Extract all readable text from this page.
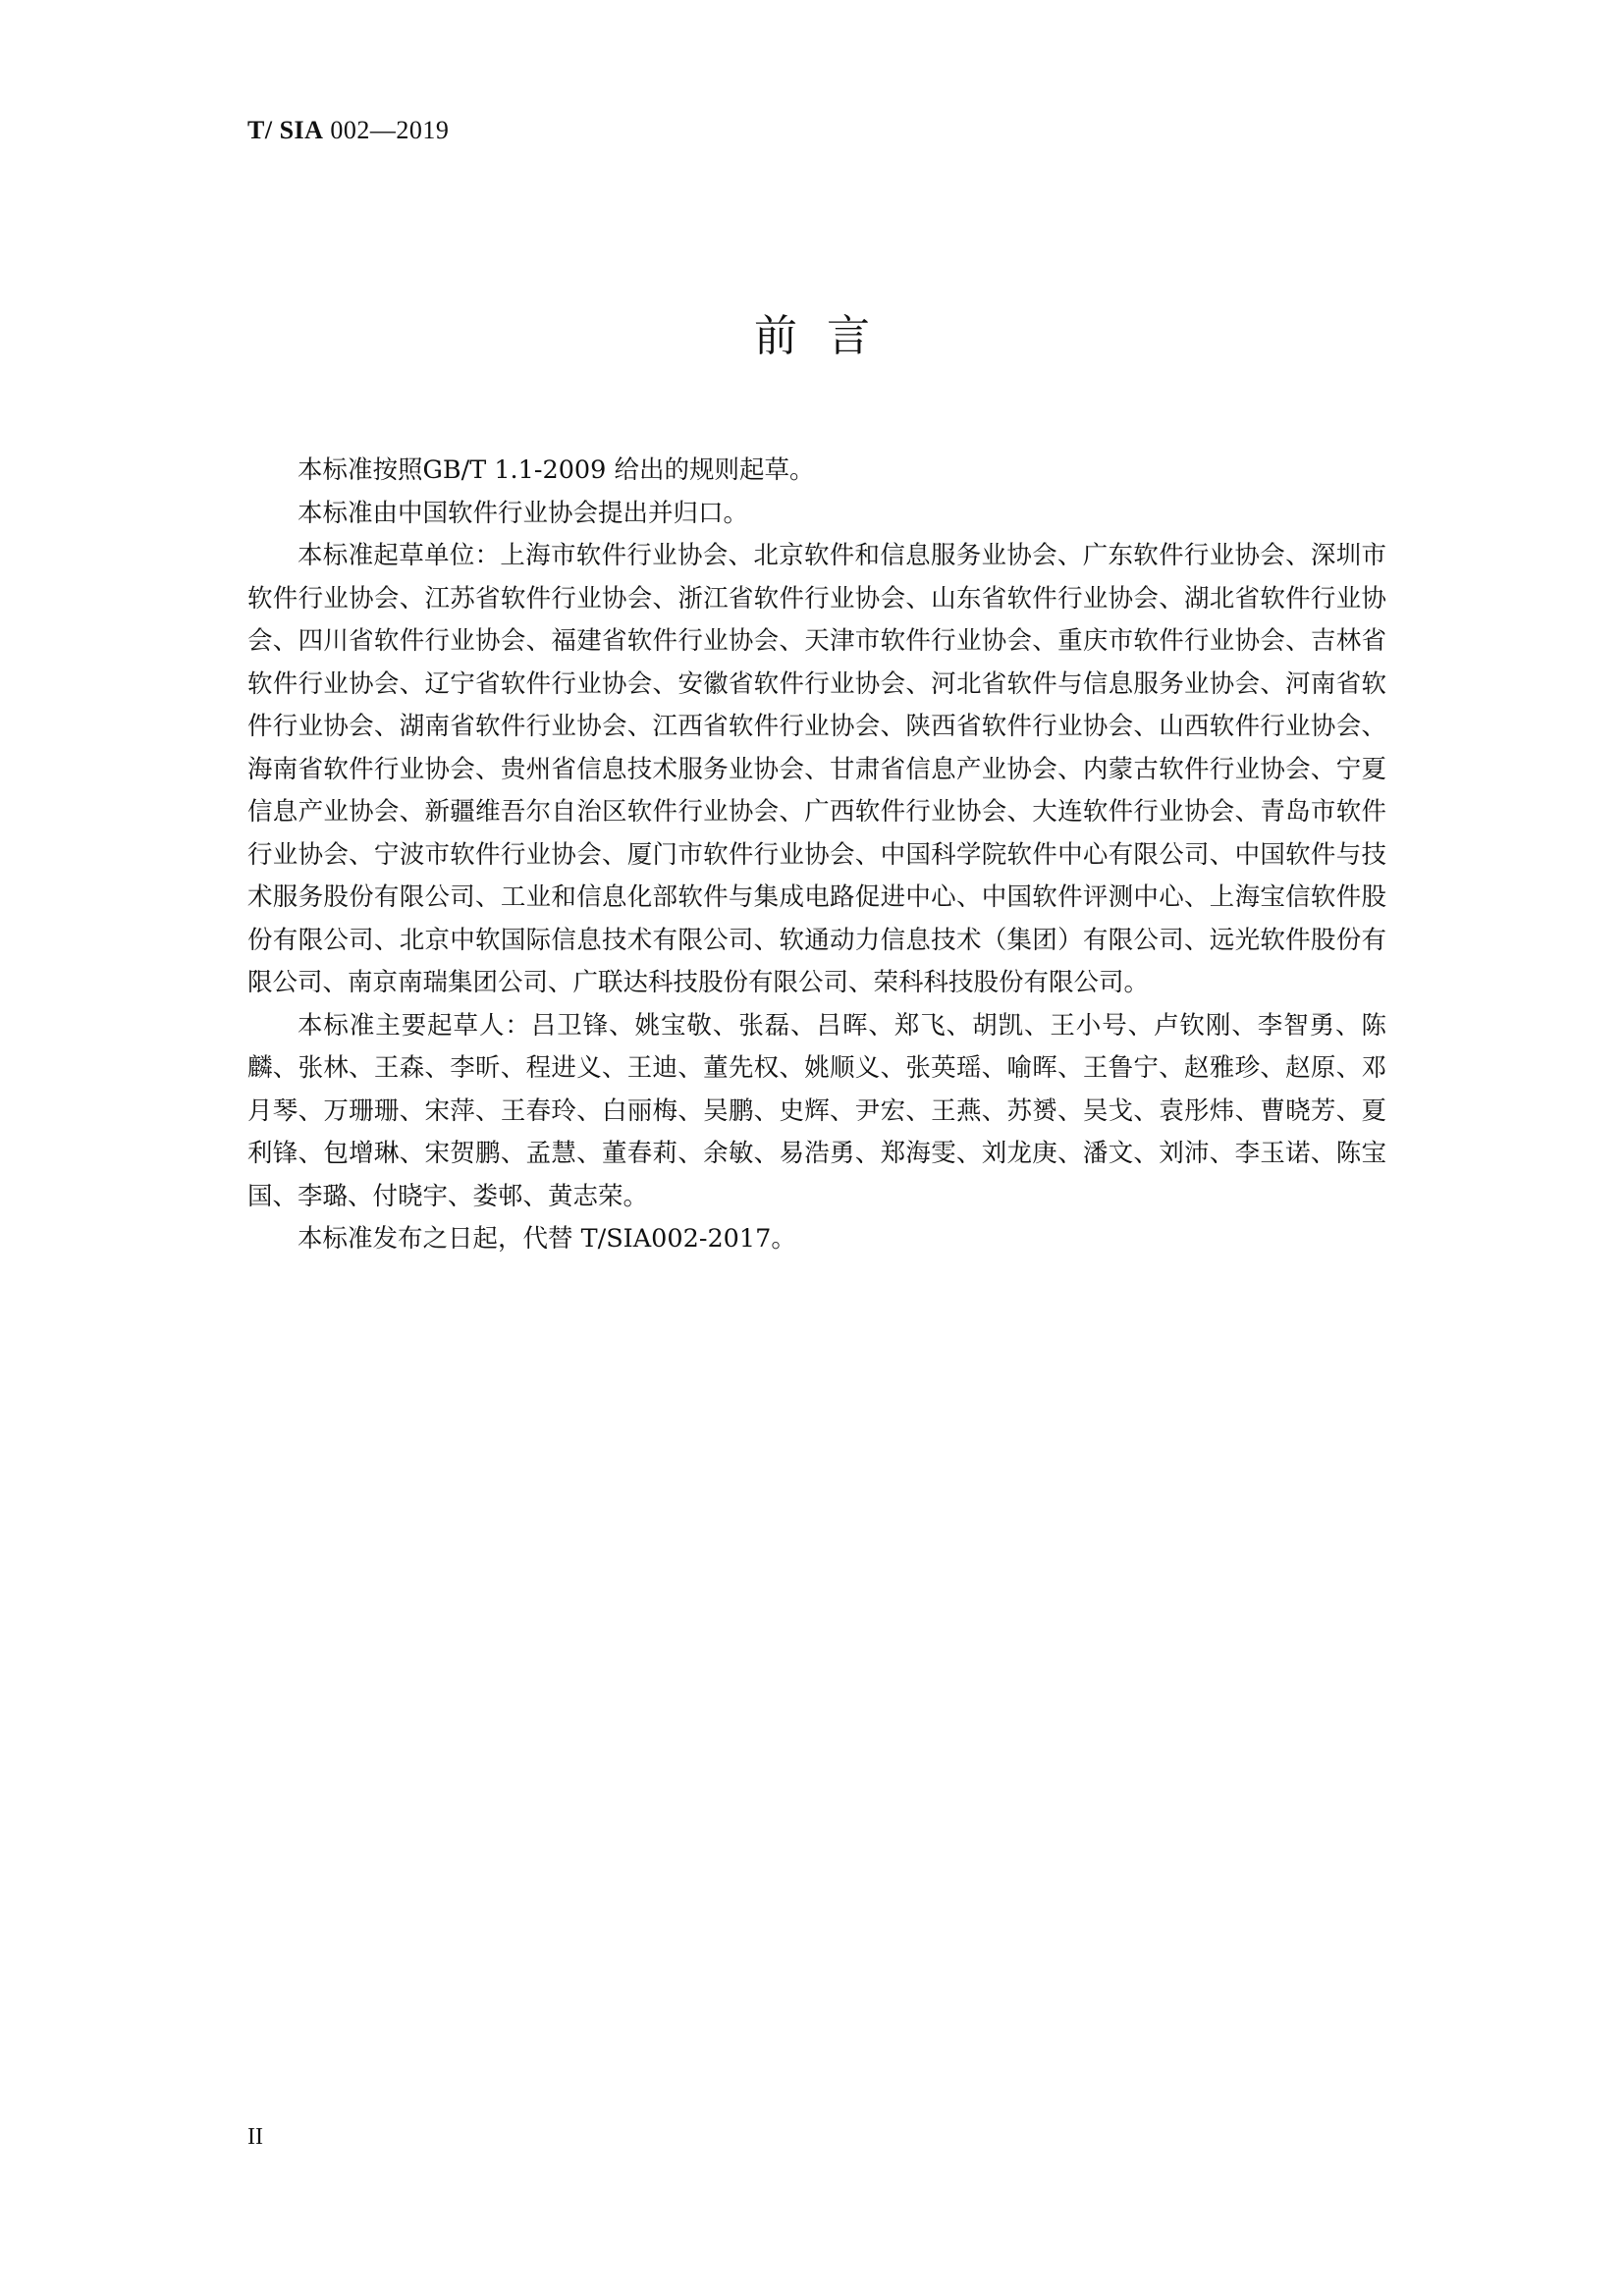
T/ SIA 002—2019
前言

本标准按照GB/T 1.1-2009 给出的规则起草。

本标准由中国软件行业协会提出并归口。

本标准起草单位：上海市软件行业协会、北京软件和信息服务业协会、广东软件行业协会、深圳市软件行业协会、江苏省软件行业协会、浙江省软件行业协会、山东省软件行业协会、湖北省软件行业协会、四川省软件行业协会、福建省软件行业协会、天津市软件行业协会、重庆市软件行业协会、吉林省软件行业协会、辽宁省软件行业协会、安徽省软件行业协会、河北省软件与信息服务业协会、河南省软件行业协会、湖南省软件行业协会、江西省软件行业协会、陕西省软件行业协会、山西软件行业协会、海南省软件行业协会、贵州省信息技术服务业协会、甘肃省信息产业协会、内蒙古软件行业协会、宁夏信息产业协会、新疆维吾尔自治区软件行业协会、广西软件行业协会、大连软件行业协会、青岛市软件行业协会、宁波市软件行业协会、厦门市软件行业协会、中国科学院软件中心有限公司、中国软件与技术服务股份有限公司、工业和信息化部软件与集成电路促进中心、中国软件评测中心、上海宝信软件股份有限公司、北京中软国际信息技术有限公司、软通动力信息技术（集团）有限公司、远光软件股份有限公司、南京南瑞集团公司、广联达科技股份有限公司、荣科科技股份有限公司。

本标准主要起草人：吕卫锋、姚宝敬、张磊、吕晖、郑飞、胡凯、王小号、卢钦刚、李智勇、陈麟、张林、王森、李昕、程进义、王迪、董先权、姚顺义、张英瑶、喻晖、王鲁宁、赵雅珍、赵原、邓月琴、万珊珊、宋萍、王春玲、白丽梅、吴鹏、史辉、尹宏、王燕、苏赟、吴戈、袁彤炜、曹晓芳、夏利锋、包增琳、宋贺鹏、孟慧、董春莉、余敏、易浩勇、郑海雯、刘龙庚、潘文、刘沛、李玉诺、陈宝国、李璐、付晓宇、娄邨、黄志荣。

本标准发布之日起，代替 T/SIA002-2017。

II
